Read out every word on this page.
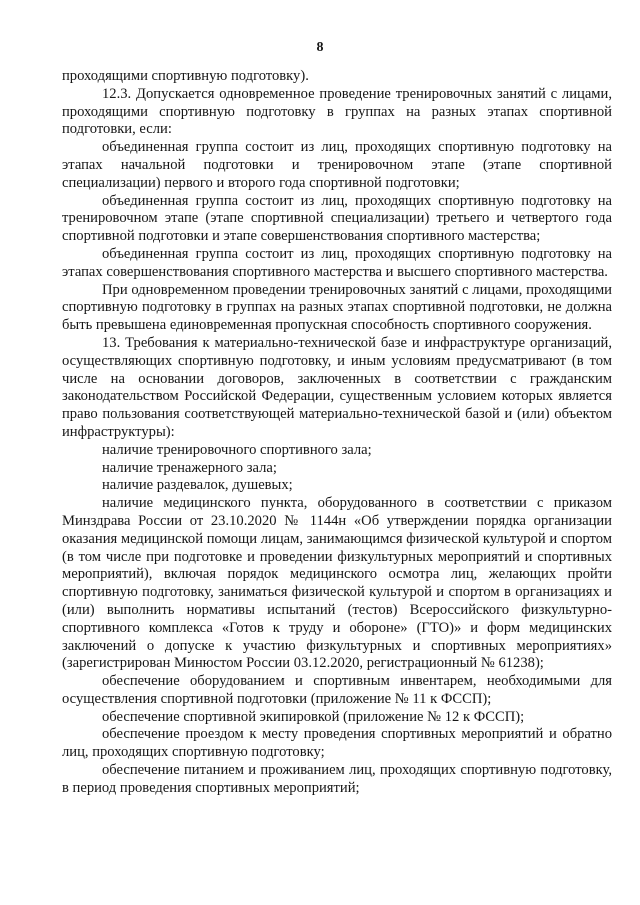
8

проходящими спортивную подготовку).

12.3. Допускается одновременное проведение тренировочных занятий с лицами, проходящими спортивную подготовку в группах на разных этапах спортивной подготовки, если:

объединенная группа состоит из лиц, проходящих спортивную подготовку на этапах начальной подготовки и тренировочном этапе (этапе спортивной специализации) первого и второго года спортивной подготовки;

объединенная группа состоит из лиц, проходящих спортивную подготовку на тренировочном этапе (этапе спортивной специализации) третьего и четвертого года спортивной подготовки и этапе совершенствования спортивного мастерства;

объединенная группа состоит из лиц, проходящих спортивную подготовку на этапах совершенствования спортивного мастерства и высшего спортивного мастерства.

При одновременном проведении тренировочных занятий с лицами, проходящими спортивную подготовку в группах на разных этапах спортивной подготовки, не должна быть превышена единовременная пропускная способность спортивного сооружения.

13. Требования к материально-технической базе и инфраструктуре организаций, осуществляющих спортивную подготовку, и иным условиям предусматривают (в том числе на основании договоров, заключенных в соответствии с гражданским законодательством Российской Федерации, существенным условием которых является право пользования соответствующей материально-технической базой и (или) объектом инфраструктуры):

наличие тренировочного спортивного зала;

наличие тренажерного зала;

наличие раздевалок, душевых;

наличие медицинского пункта, оборудованного в соответствии с приказом Минздрава России от 23.10.2020 № 1144н «Об утверждении порядка организации оказания медицинской помощи лицам, занимающимся физической культурой и спортом (в том числе при подготовке и проведении физкультурных мероприятий и спортивных мероприятий), включая порядок медицинского осмотра лиц, желающих пройти спортивную подготовку, заниматься физической культурой и спортом в организациях и (или) выполнить нормативы испытаний (тестов) Всероссийского физкультурно-спортивного комплекса «Готов к труду и обороне» (ГТО)» и форм медицинских заключений о допуске к участию физкультурных и спортивных мероприятиях» (зарегистрирован Минюстом России 03.12.2020, регистрационный № 61238);

обеспечение оборудованием и спортивным инвентарем, необходимыми для осуществления спортивной подготовки (приложение № 11 к ФССП);

обеспечение спортивной экипировкой (приложение № 12 к ФССП);

обеспечение проездом к месту проведения спортивных мероприятий и обратно лиц, проходящих спортивную подготовку;

обеспечение питанием и проживанием лиц, проходящих спортивную подготовку, в период проведения спортивных мероприятий;
